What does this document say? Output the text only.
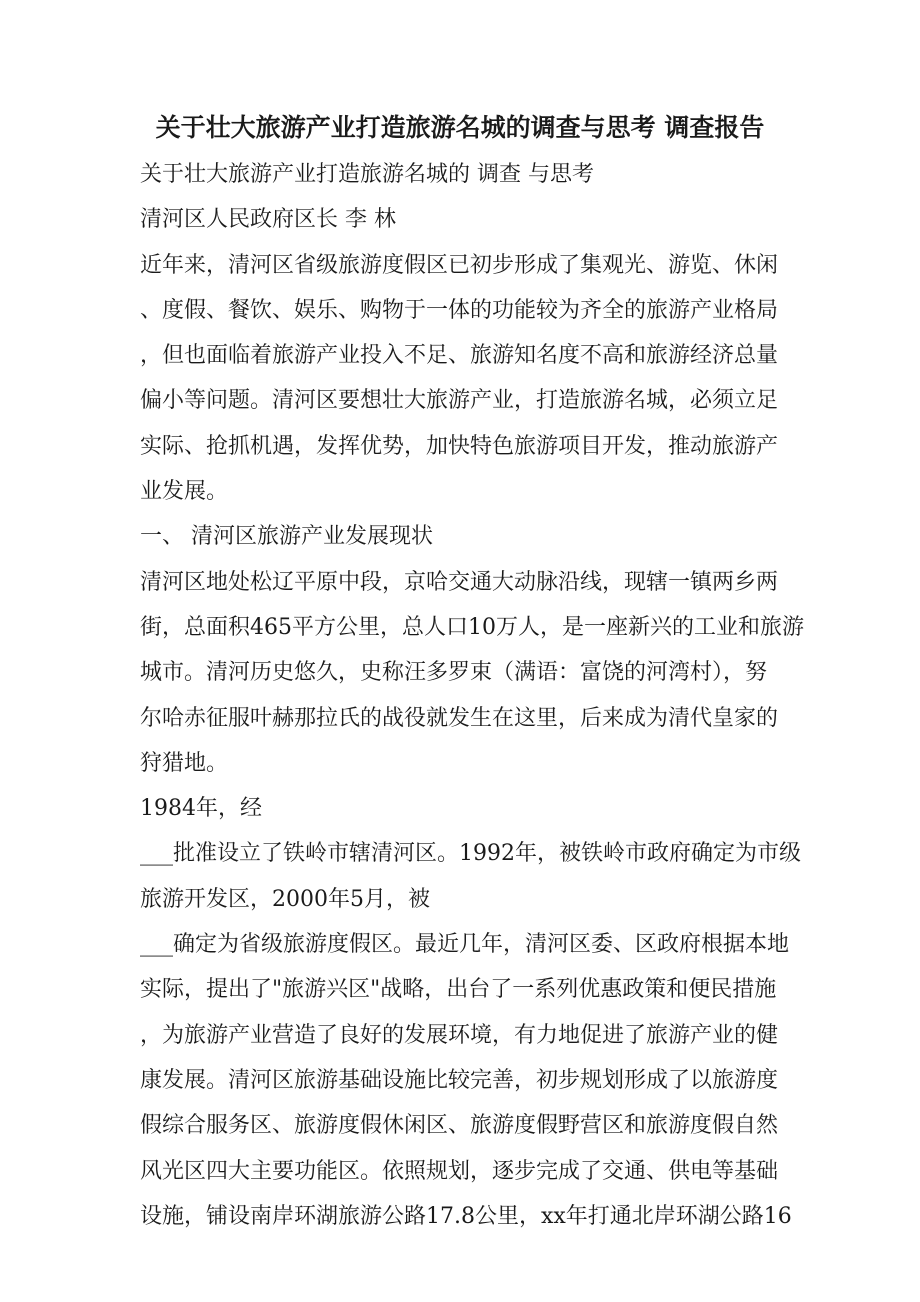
关于壮大旅游产业打造旅游名城的调查与思考 调查报告
关于壮大旅游产业打造旅游名城的 调查 与思考
清河区人民政府区长 李 林
近年来，清河区省级旅游度假区已初步形成了集观光、游览、休闲
、度假、餐饮、娱乐、购物于一体的功能较为齐全的旅游产业格局
，但也面临着旅游产业投入不足、旅游知名度不高和旅游经济总量
偏小等问题。清河区要想壮大旅游产业，打造旅游名城，必须立足
实际、抢抓机遇，发挥优势，加快特色旅游项目开发，推动旅游产
业发展。
一、 清河区旅游产业发展现状
清河区地处松辽平原中段，京哈交通大动脉沿线，现辖一镇两乡两
街，总面积465平方公里，总人口10万人，是一座新兴的工业和旅游
城市。清河历史悠久，史称汪多罗束（满语：富饶的河湾村），努
尔哈赤征服叶赫那拉氏的战役就发生在这里，后来成为清代皇家的
狩猎地。
1984年，经
___批准设立了铁岭市辖清河区。1992年，被铁岭市政府确定为市级
旅游开发区，2000年5月，被
___确定为省级旅游度假区。最近几年，清河区委、区政府根据本地
实际，提出了"旅游兴区"战略，出台了一系列优惠政策和便民措施
，为旅游产业营造了良好的发展环境，有力地促进了旅游产业的健
康发展。清河区旅游基础设施比较完善，初步规划形成了以旅游度
假综合服务区、旅游度假休闲区、旅游度假野营区和旅游度假自然
风光区四大主要功能区。依照规划，逐步完成了交通、供电等基础
设施，铺设南岸环湖旅游公路17.8公里，xx年打通北岸环湖公路16
